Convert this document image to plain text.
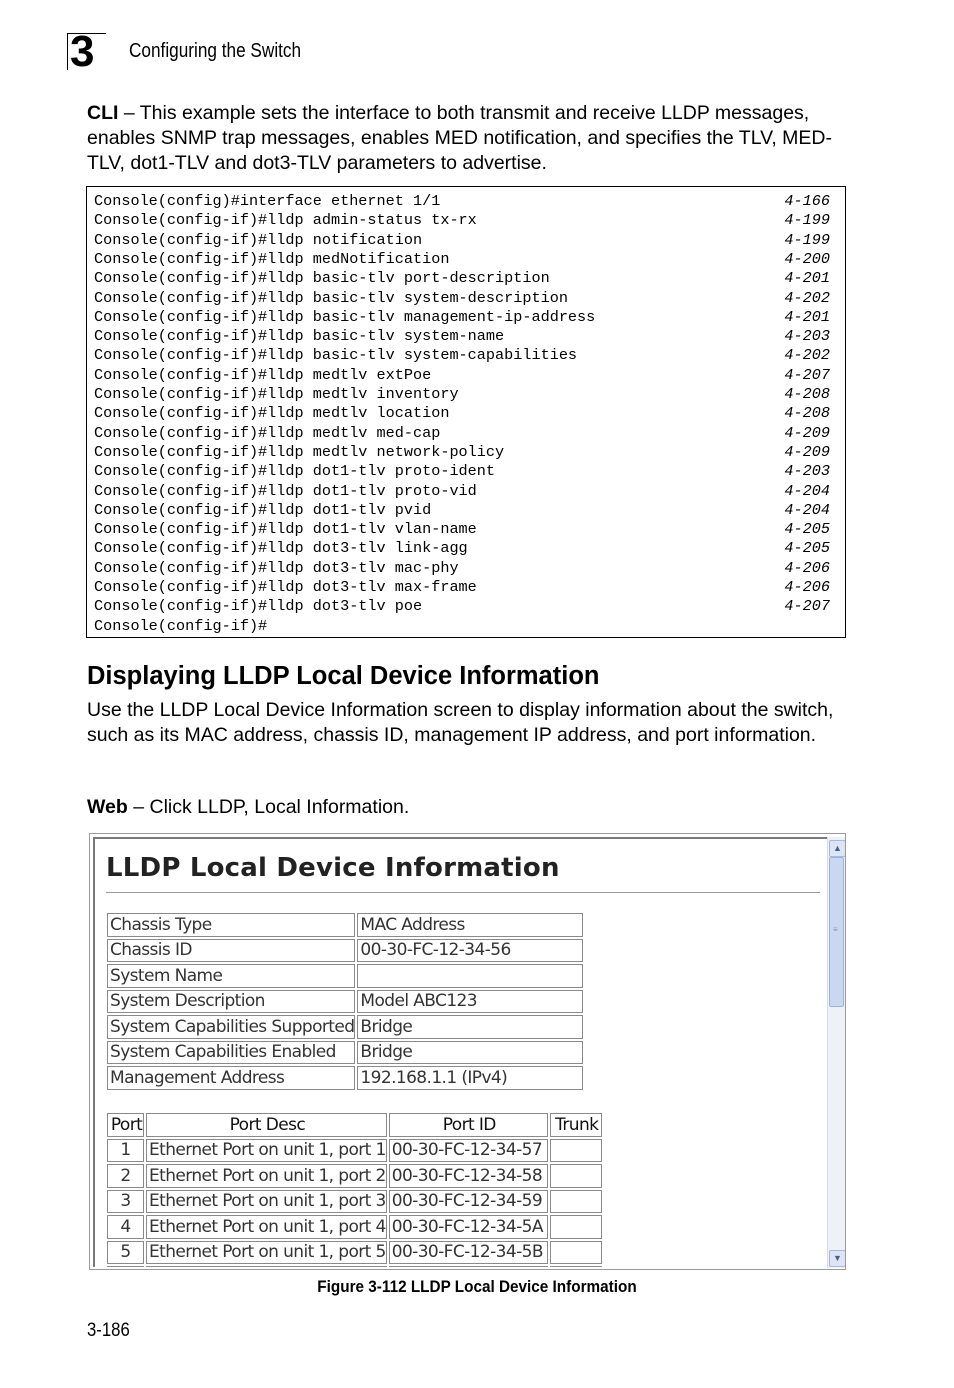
3 Configuring the Switch
CLI – This example sets the interface to both transmit and receive LLDP messages, enables SNMP trap messages, enables MED notification, and specifies the TLV, MED-TLV, dot1-TLV and dot3-TLV parameters to advertise.
Console(config)#interface ethernet 1/1	4-166
Console(config-if)#lldp admin-status tx-rx	4-199
Console(config-if)#lldp notification	4-199
Console(config-if)#lldp medNotification	4-200
Console(config-if)#lldp basic-tlv port-description	4-201
Console(config-if)#lldp basic-tlv system-description	4-202
Console(config-if)#lldp basic-tlv management-ip-address	4-201
Console(config-if)#lldp basic-tlv system-name	4-203
Console(config-if)#lldp basic-tlv system-capabilities	4-202
Console(config-if)#lldp medtlv extPoe	4-207
Console(config-if)#lldp medtlv inventory	4-208
Console(config-if)#lldp medtlv location	4-208
Console(config-if)#lldp medtlv med-cap	4-209
Console(config-if)#lldp medtlv network-policy	4-209
Console(config-if)#lldp dot1-tlv proto-ident	4-203
Console(config-if)#lldp dot1-tlv proto-vid	4-204
Console(config-if)#lldp dot1-tlv pvid	4-204
Console(config-if)#lldp dot1-tlv vlan-name	4-205
Console(config-if)#lldp dot3-tlv link-agg	4-205
Console(config-if)#lldp dot3-tlv mac-phy	4-206
Console(config-if)#lldp dot3-tlv max-frame	4-206
Console(config-if)#lldp dot3-tlv poe	4-207
Console(config-if)#
Displaying LLDP Local Device Information
Use the LLDP Local Device Information screen to display information about the switch, such as its MAC address, chassis ID, management IP address, and port information.
Web – Click LLDP, Local Information.
LLDP Local Device Information
Chassis Type	MAC Address
Chassis ID	00-30-FC-12-34-56
System Name	
System Description	Model ABC123
System Capabilities Supported	Bridge
System Capabilities Enabled	Bridge
Management Address	192.168.1.1 (IPv4)
Port	Port Desc	Port ID	Trunk
1	Ethernet Port on unit 1, port 1	00-30-FC-12-34-57	
2	Ethernet Port on unit 1, port 2	00-30-FC-12-34-58	
3	Ethernet Port on unit 1, port 3	00-30-FC-12-34-59	
4	Ethernet Port on unit 1, port 4	00-30-FC-12-34-5A	
5	Ethernet Port on unit 1, port 5	00-30-FC-12-34-5B	

▲
≡
▼
Figure 3-112 LLDP Local Device Information
3-186
